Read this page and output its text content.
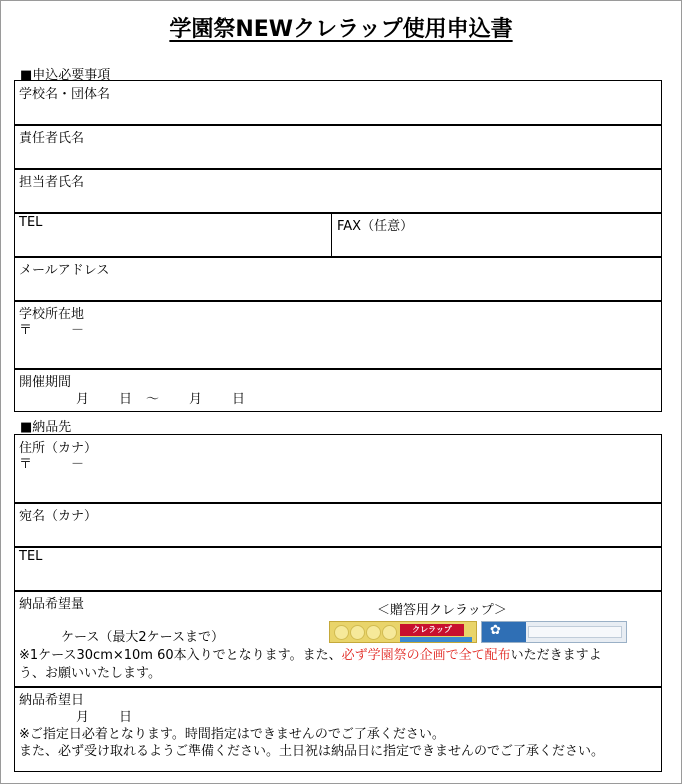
学園祭NEWクレラップ使用申込書
■申込必要事項
学校名・団体名
責任者氏名
担当者氏名
TEL	FAX（任意）
メールアドレス
学校所在地
〒　　　－
開催期間
月 日 ～ 月 日
■納品先
住所（カナ）
〒　　　－
宛名（カナ）
TEL
納品希望量	＜贈答用クレラップ＞
クレラップ	✿
ケース（最大2ケースまで）
※1ケース30cm×10m 60本入りでとなります。また、必ず学園祭の企画で全て配布いただきますよ
う、お願いいたします。
納品希望日
月 日
※ご指定日必着となります。時間指定はできませんのでご了承ください。
また、必ず受け取れるようご準備ください。土日祝は納品日に指定できませんのでご了承ください。
